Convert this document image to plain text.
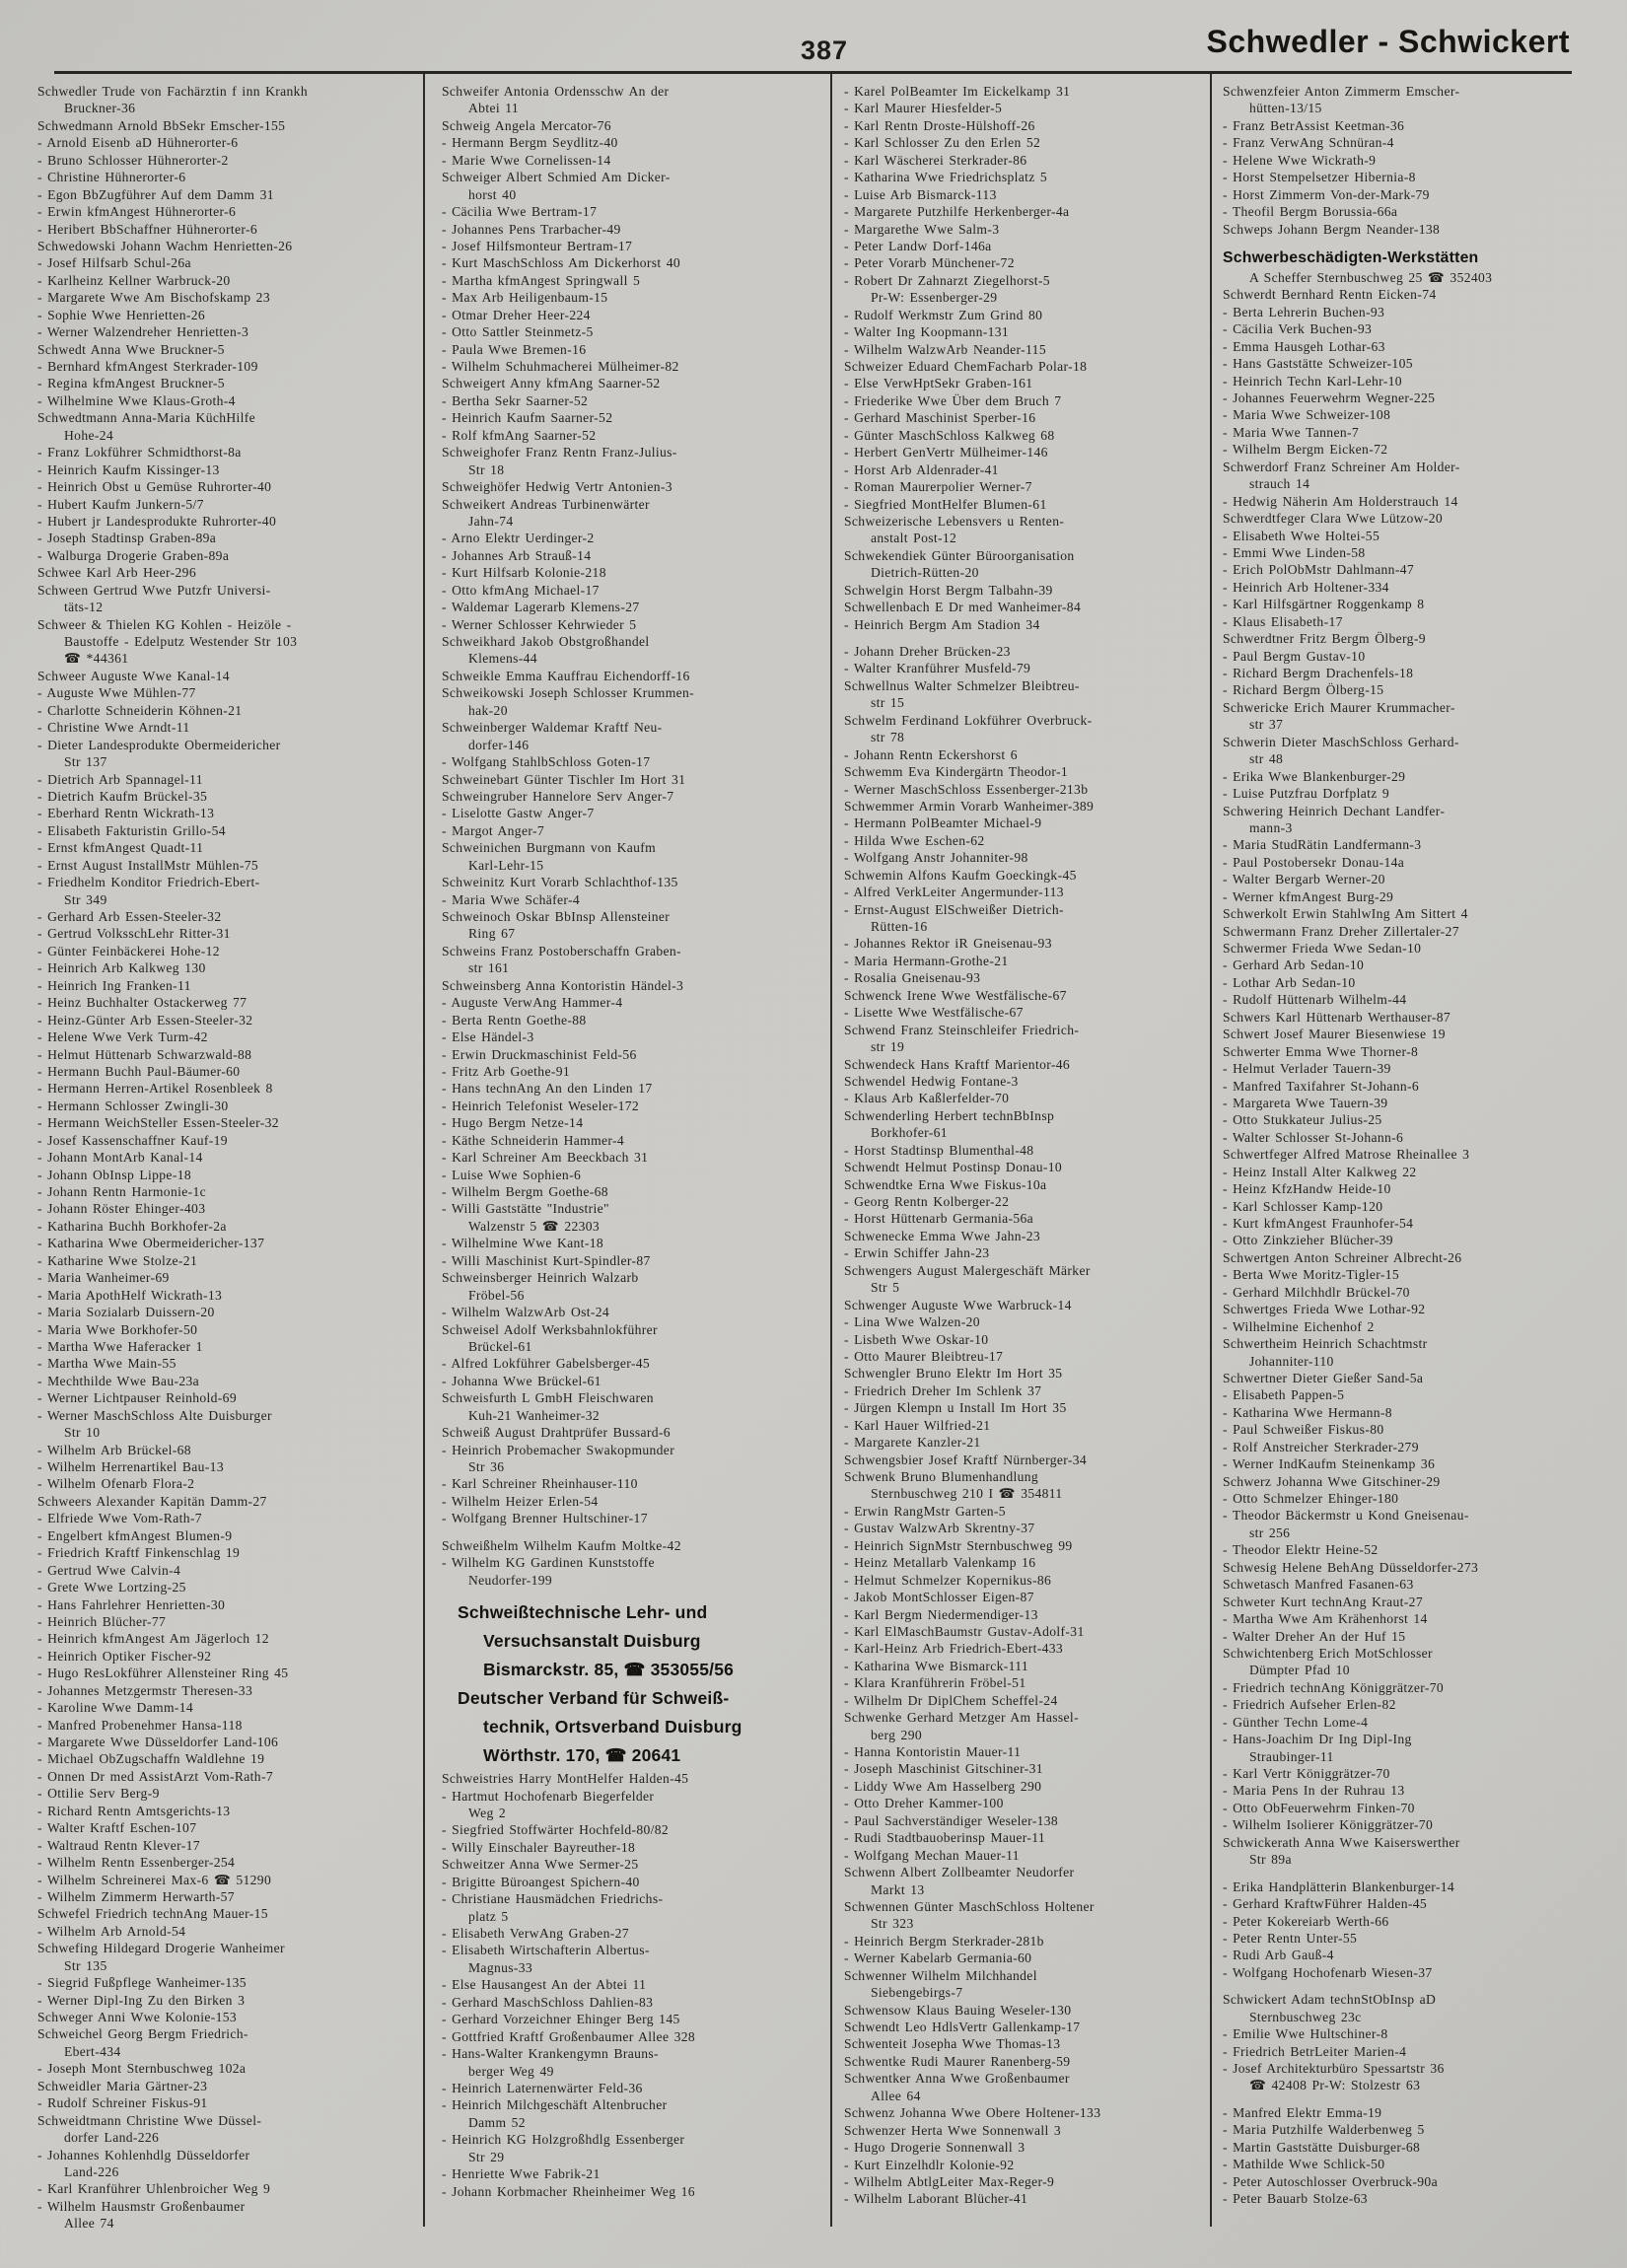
387	Schwedler - Schwickert
Schwedler Trude von Fachärztin f inn Krankh
Bruckner-36
Schwedmann Arnold BbSekr Emscher-155
- Arnold Eisenb aD Hühnerorter-6
- Bruno Schlosser Hühnerorter-2
- Christine Hühnerorter-6
- Egon BbZugführer Auf dem Damm 31
- Erwin kfmAngest Hühnerorter-6
- Heribert BbSchaffner Hühnerorter-6
Schwedowski Johann Wachm Henrietten-26
- Josef Hilfsarb Schul-26a
- Karlheinz Kellner Warbruck-20
- Margarete Wwe Am Bischofskamp 23
- Sophie Wwe Henrietten-26
- Werner Walzendreher Henrietten-3
Schwedt Anna Wwe Bruckner-5
- Bernhard kfmAngest Sterkrader-109
- Regina kfmAngest Bruckner-5
- Wilhelmine Wwe Klaus-Groth-4
Schwedtmann Anna-Maria KüchHilfe
Hohe-24
- Franz Lokführer Schmidthorst-8a
- Heinrich Kaufm Kissinger-13
- Heinrich Obst u Gemüse Ruhrorter-40
- Hubert Kaufm Junkern-5/7
- Hubert jr Landesprodukte Ruhrorter-40
- Joseph Stadtinsp Graben-89a
- Walburga Drogerie Graben-89a
Schwee Karl Arb Heer-296
Schween Gertrud Wwe Putzfr Universi-
täts-12
Schweer & Thielen KG Kohlen - Heizöle -
Baustoffe - Edelputz Westender Str 103
☎ *44361
Schweer Auguste Wwe Kanal-14
- Auguste Wwe Mühlen-77
- Charlotte Schneiderin Köhnen-21
- Christine Wwe Arndt-11
- Dieter Landesprodukte Obermeidericher
Str 137
- Dietrich Arb Spannagel-11
- Dietrich Kaufm Brückel-35
- Eberhard Rentn Wickrath-13
- Elisabeth Fakturistin Grillo-54
- Ernst kfmAngest Quadt-11
- Ernst August InstallMstr Mühlen-75
- Friedhelm Konditor Friedrich-Ebert-
Str 349
- Gerhard Arb Essen-Steeler-32
- Gertrud VolksschLehr Ritter-31
- Günter Feinbäckerei Hohe-12
- Heinrich Arb Kalkweg 130
- Heinrich Ing Franken-11
- Heinz Buchhalter Ostackerweg 77
- Heinz-Günter Arb Essen-Steeler-32
- Helene Wwe Verk Turm-42
- Helmut Hüttenarb Schwarzwald-88
- Hermann Buchh Paul-Bäumer-60
- Hermann Herren-Artikel Rosenbleek 8
- Hermann Schlosser Zwingli-30
- Hermann WeichSteller Essen-Steeler-32
- Josef Kassenschaffner Kauf-19
- Johann MontArb Kanal-14
- Johann ObInsp Lippe-18
- Johann Rentn Harmonie-1c
- Johann Röster Ehinger-403
- Katharina Buchh Borkhofer-2a
- Katharina Wwe Obermeidericher-137
- Katharine Wwe Stolze-21
- Maria Wanheimer-69
- Maria ApothHelf Wickrath-13
- Maria Sozialarb Duissern-20
- Maria Wwe Borkhofer-50
- Martha Wwe Haferacker 1
- Martha Wwe Main-55
- Mechthilde Wwe Bau-23a
- Werner Lichtpauser Reinhold-69
- Werner MaschSchloss Alte Duisburger
Str 10
- Wilhelm Arb Brückel-68
- Wilhelm Herrenartikel Bau-13
- Wilhelm Ofenarb Flora-2
Schweers Alexander Kapitän Damm-27
- Elfriede Wwe Vom-Rath-7
- Engelbert kfmAngest Blumen-9
- Friedrich Kraftf Finkenschlag 19
- Gertrud Wwe Calvin-4
- Grete Wwe Lortzing-25
- Hans Fahrlehrer Henrietten-30
- Heinrich Blücher-77
- Heinrich kfmAngest Am Jägerloch 12
- Heinrich Optiker Fischer-92
- Hugo ResLokführer Allensteiner Ring 45
- Johannes Metzgermstr Theresen-33
- Karoline Wwe Damm-14
- Manfred Probenehmer Hansa-118
- Margarete Wwe Düsseldorfer Land-106
- Michael ObZugschaffn Waldlehne 19
- Onnen Dr med AssistArzt Vom-Rath-7
- Ottilie Serv Berg-9
- Richard Rentn Amtsgerichts-13
- Walter Kraftf Eschen-107
- Waltraud Rentn Klever-17
- Wilhelm Rentn Essenberger-254
- Wilhelm Schreinerei Max-6 ☎ 51290
- Wilhelm Zimmerm Herwarth-57
Schwefel Friedrich technAng Mauer-15
- Wilhelm Arb Arnold-54
Schwefing Hildegard Drogerie Wanheimer
Str 135
- Siegrid Fußpflege Wanheimer-135
- Werner Dipl-Ing Zu den Birken 3
Schweger Anni Wwe Kolonie-153
Schweichel Georg Bergm Friedrich-
Ebert-434
- Joseph Mont Sternbuschweg 102a
Schweidler Maria Gärtner-23
- Rudolf Schreiner Fiskus-91
Schweidtmann Christine Wwe Düssel-
dorfer Land-226
- Johannes Kohlenhdlg Düsseldorfer
Land-226
- Karl Kranführer Uhlenbroicher Weg 9
- Wilhelm Hausmstr Großenbaumer
Allee 74
Schweifer Antonia Ordensschw An der
Abtei 11
Schweig Angela Mercator-76
- Hermann Bergm Seydlitz-40
- Marie Wwe Cornelissen-14
Schweiger Albert Schmied Am Dicker-
horst 40
- Cäcilia Wwe Bertram-17
- Johannes Pens Trarbacher-49
- Josef Hilfsmonteur Bertram-17
- Kurt MaschSchloss Am Dickerhorst 40
- Martha kfmAngest Springwall 5
- Max Arb Heiligenbaum-15
- Otmar Dreher Heer-224
- Otto Sattler Steinmetz-5
- Paula Wwe Bremen-16
- Wilhelm Schuhmacherei Mülheimer-82
Schweigert Anny kfmAng Saarner-52
- Bertha Sekr Saarner-52
- Heinrich Kaufm Saarner-52
- Rolf kfmAng Saarner-52
Schweighofer Franz Rentn Franz-Julius-
Str 18
Schweighöfer Hedwig Vertr Antonien-3
Schweikert Andreas Turbinenwärter
Jahn-74
- Arno Elektr Uerdinger-2
- Johannes Arb Strauß-14
- Kurt Hilfsarb Kolonie-218
- Otto kfmAng Michael-17
- Waldemar Lagerarb Klemens-27
- Werner Schlosser Kehrwieder 5
Schweikhard Jakob Obstgroßhandel
Klemens-44
Schweikle Emma Kauffrau Eichendorff-16
Schweikowski Joseph Schlosser Krummen-
hak-20
Schweinberger Waldemar Kraftf Neu-
dorfer-146
- Wolfgang StahlbSchloss Goten-17
Schweinebart Günter Tischler Im Hort 31
Schweingruber Hannelore Serv Anger-7
- Liselotte Gastw Anger-7
- Margot Anger-7
Schweinichen Burgmann von Kaufm
Karl-Lehr-15
Schweinitz Kurt Vorarb Schlachthof-135
- Maria Wwe Schäfer-4
Schweinoch Oskar BbInsp Allensteiner
Ring 67
Schweins Franz Postoberschaffn Graben-
str 161
Schweinsberg Anna Kontoristin Händel-3
- Auguste VerwAng Hammer-4
- Berta Rentn Goethe-88
- Else Händel-3
- Erwin Druckmaschinist Feld-56
- Fritz Arb Goethe-91
- Hans technAng An den Linden 17
- Heinrich Telefonist Weseler-172
- Hugo Bergm Netze-14
- Käthe Schneiderin Hammer-4
- Karl Schreiner Am Beeckbach 31
- Luise Wwe Sophien-6
- Wilhelm Bergm Goethe-68
- Willi Gaststätte "Industrie"
Walzenstr 5 ☎ 22303
- Wilhelmine Wwe Kant-18
- Willi Maschinist Kurt-Spindler-87
Schweinsberger Heinrich Walzarb
Fröbel-56
- Wilhelm WalzwArb Ost-24
Schweisel Adolf Werksbahnlokführer
Brückel-61
- Alfred Lokführer Gabelsberger-45
- Johanna Wwe Brückel-61
Schweisfurth L GmbH Fleischwaren
Kuh-21 Wanheimer-32
Schweiß August Drahtprüfer Bussard-6
- Heinrich Probemacher Swakopmunder
Str 36
- Karl Schreiner Rheinhauser-110
- Wilhelm Heizer Erlen-54
- Wolfgang Brenner Hultschiner-17
Schweißhelm Wilhelm Kaufm Moltke-42
- Wilhelm KG Gardinen Kunststoffe
Neudorfer-199
Schweißtechnische Lehr- und
Versuchsanstalt Duisburg
Bismarckstr. 85, ☎ 353055/56
Deutscher Verband für Schweiß-
technik, Ortsverband Duisburg
Wörthstr. 170, ☎ 20641
Schweistries Harry MontHelfer Halden-45
- Hartmut Hochofenarb Biegerfelder
Weg 2
- Siegfried Stoffwärter Hochfeld-80/82
- Willy Einschaler Bayreuther-18
Schweitzer Anna Wwe Sermer-25
- Brigitte Büroangest Spichern-40
- Christiane Hausmädchen Friedrichs-
platz 5
- Elisabeth VerwAng Graben-27
- Elisabeth Wirtschafterin Albertus-
Magnus-33
- Else Hausangest An der Abtei 11
- Gerhard MaschSchloss Dahlien-83
- Gerhard Vorzeichner Ehinger Berg 145
- Gottfried Kraftf Großenbaumer Allee 328
- Hans-Walter Krankengymn Brauns-
berger Weg 49
- Heinrich Laternenwärter Feld-36
- Heinrich Milchgeschäft Altenbrucher
Damm 52
- Heinrich KG Holzgroßhdlg Essenberger
Str 29
- Henriette Wwe Fabrik-21
- Johann Korbmacher Rheinheimer Weg 16
- Karel PolBeamter Im Eickelkamp 31
- Karl Maurer Hiesfelder-5
- Karl Rentn Droste-Hülshoff-26
- Karl Schlosser Zu den Erlen 52
- Karl Wäscherei Sterkrader-86
- Katharina Wwe Friedrichsplatz 5
- Luise Arb Bismarck-113
- Margarete Putzhilfe Herkenberger-4a
- Margarethe Wwe Salm-3
- Peter Landw Dorf-146a
- Peter Vorarb Münchener-72
- Robert Dr Zahnarzt Ziegelhorst-5
Pr-W: Essenberger-29
- Rudolf Werkmstr Zum Grind 80
- Walter Ing Koopmann-131
- Wilhelm WalzwArb Neander-115
Schweizer Eduard ChemFacharb Polar-18
- Else VerwHptSekr Graben-161
- Friederike Wwe Über dem Bruch 7
- Gerhard Maschinist Sperber-16
- Günter MaschSchloss Kalkweg 68
- Herbert GenVertr Mülheimer-146
- Horst Arb Aldenrader-41
- Roman Maurerpolier Werner-7
- Siegfried MontHelfer Blumen-61
Schweizerische Lebensvers u Renten-
anstalt Post-12
Schwekendiek Günter Büroorganisation
Dietrich-Rütten-20
Schwelgin Horst Bergm Talbahn-39
Schwellenbach E Dr med Wanheimer-84
- Heinrich Bergm Am Stadion 34
- Johann Dreher Brücken-23
- Walter Kranführer Musfeld-79
Schwellnus Walter Schmelzer Bleibtreu-
str 15
Schwelm Ferdinand Lokführer Overbruck-
str 78
- Johann Rentn Eckershorst 6
Schwemm Eva Kindergärtn Theodor-1
- Werner MaschSchloss Essenberger-213b
Schwemmer Armin Vorarb Wanheimer-389
- Hermann PolBeamter Michael-9
- Hilda Wwe Eschen-62
- Wolfgang Anstr Johanniter-98
Schwemin Alfons Kaufm Goeckingk-45
- Alfred VerkLeiter Angermunder-113
- Ernst-August ElSchweißer Dietrich-
Rütten-16
- Johannes Rektor iR Gneisenau-93
- Maria Hermann-Grothe-21
- Rosalia Gneisenau-93
Schwenck Irene Wwe Westfälische-67
- Lisette Wwe Westfälische-67
Schwend Franz Steinschleifer Friedrich-
str 19
Schwendeck Hans Kraftf Marientor-46
Schwendel Hedwig Fontane-3
- Klaus Arb Kaßlerfelder-70
Schwenderling Herbert technBbInsp
Borkhofer-61
- Horst Stadtinsp Blumenthal-48
Schwendt Helmut Postinsp Donau-10
Schwendtke Erna Wwe Fiskus-10a
- Georg Rentn Kolberger-22
- Horst Hüttenarb Germania-56a
Schwenecke Emma Wwe Jahn-23
- Erwin Schiffer Jahn-23
Schwengers August Malergeschäft Märker
Str 5
Schwenger Auguste Wwe Warbruck-14
- Lina Wwe Walzen-20
- Lisbeth Wwe Oskar-10
- Otto Maurer Bleibtreu-17
Schwengler Bruno Elektr Im Hort 35
- Friedrich Dreher Im Schlenk 37
- Jürgen Klempn u Install Im Hort 35
- Karl Hauer Wilfried-21
- Margarete Kanzler-21
Schwengsbier Josef Kraftf Nürnberger-34
Schwenk Bruno Blumenhandlung
Sternbuschweg 210 I ☎ 354811
- Erwin RangMstr Garten-5
- Gustav WalzwArb Skrentny-37
- Heinrich SignMstr Sternbuschweg 99
- Heinz Metallarb Valenkamp 16
- Helmut Schmelzer Kopernikus-86
- Jakob MontSchlosser Eigen-87
- Karl Bergm Niedermendiger-13
- Karl ElMaschBaumstr Gustav-Adolf-31
- Karl-Heinz Arb Friedrich-Ebert-433
- Katharina Wwe Bismarck-111
- Klara Kranführerin Fröbel-51
- Wilhelm Dr DiplChem Scheffel-24
Schwenke Gerhard Metzger Am Hassel-
berg 290
- Hanna Kontoristin Mauer-11
- Joseph Maschinist Gitschiner-31
- Liddy Wwe Am Hasselberg 290
- Otto Dreher Kammer-100
- Paul Sachverständiger Weseler-138
- Rudi Stadtbauoberinsp Mauer-11
- Wolfgang Mechan Mauer-11
Schwenn Albert Zollbeamter Neudorfer
Markt 13
Schwennen Günter MaschSchloss Holtener
Str 323
- Heinrich Bergm Sterkrader-281b
- Werner Kabelarb Germania-60
Schwenner Wilhelm Milchhandel
Siebengebirgs-7
Schwensow Klaus Bauing Weseler-130
Schwendt Leo HdlsVertr Gallenkamp-17
Schwenteit Josepha Wwe Thomas-13
Schwentke Rudi Maurer Ranenberg-59
Schwentker Anna Wwe Großenbaumer
Allee 64
Schwenz Johanna Wwe Obere Holtener-133
Schwenzer Herta Wwe Sonnenwall 3
- Hugo Drogerie Sonnenwall 3
- Kurt Einzelhdlr Kolonie-92
- Wilhelm AbtlgLeiter Max-Reger-9
- Wilhelm Laborant Blücher-41
Schwenzfeier Anton Zimmerm Emscher-
hütten-13/15
- Franz BetrAssist Keetman-36
- Franz VerwAng Schnüran-4
- Helene Wwe Wickrath-9
- Horst Stempelsetzer Hibernia-8
- Horst Zimmerm Von-der-Mark-79
- Theofil Bergm Borussia-66a
Schweps Johann Bergm Neander-138
Schwerbeschädigten-Werkstätten
A Scheffer Sternbuschweg 25 ☎ 352403
Schwerdt Bernhard Rentn Eicken-74
- Berta Lehrerin Buchen-93
- Cäcilia Verk Buchen-93
- Emma Hausgeh Lothar-63
- Hans Gaststätte Schweizer-105
- Heinrich Techn Karl-Lehr-10
- Johannes Feuerwehrm Wegner-225
- Maria Wwe Schweizer-108
- Maria Wwe Tannen-7
- Wilhelm Bergm Eicken-72
Schwerdorf Franz Schreiner Am Holder-
strauch 14
- Hedwig Näherin Am Holderstrauch 14
Schwerdtfeger Clara Wwe Lützow-20
- Elisabeth Wwe Holtei-55
- Emmi Wwe Linden-58
- Erich PolObMstr Dahlmann-47
- Heinrich Arb Holtener-334
- Karl Hilfsgärtner Roggenkamp 8
- Klaus Elisabeth-17
Schwerdtner Fritz Bergm Ölberg-9
- Paul Bergm Gustav-10
- Richard Bergm Drachenfels-18
- Richard Bergm Ölberg-15
Schwericke Erich Maurer Krummacher-
str 37
Schwerin Dieter MaschSchloss Gerhard-
str 48
- Erika Wwe Blankenburger-29
- Luise Putzfrau Dorfplatz 9
Schwering Heinrich Dechant Landfer-
mann-3
- Maria StudRätin Landfermann-3
- Paul Postobersekr Donau-14a
- Walter Bergarb Werner-20
- Werner kfmAngest Burg-29
Schwerkolt Erwin StahlwIng Am Sittert 4
Schwermann Franz Dreher Zillertaler-27
Schwermer Frieda Wwe Sedan-10
- Gerhard Arb Sedan-10
- Lothar Arb Sedan-10
- Rudolf Hüttenarb Wilhelm-44
Schwers Karl Hüttenarb Werthauser-87
Schwert Josef Maurer Biesenwiese 19
Schwerter Emma Wwe Thorner-8
- Helmut Verlader Tauern-39
- Manfred Taxifahrer St-Johann-6
- Margareta Wwe Tauern-39
- Otto Stukkateur Julius-25
- Walter Schlosser St-Johann-6
Schwertfeger Alfred Matrose Rheinallee 3
- Heinz Install Alter Kalkweg 22
- Heinz KfzHandw Heide-10
- Karl Schlosser Kamp-120
- Kurt kfmAngest Fraunhofer-54
- Otto Zinkzieher Blücher-39
Schwertgen Anton Schreiner Albrecht-26
- Berta Wwe Moritz-Tigler-15
- Gerhard Milchhdlr Brückel-70
Schwertges Frieda Wwe Lothar-92
- Wilhelmine Eichenhof 2
Schwertheim Heinrich Schachtmstr
Johanniter-110
Schwertner Dieter Gießer Sand-5a
- Elisabeth Pappen-5
- Katharina Wwe Hermann-8
- Paul Schweißer Fiskus-80
- Rolf Anstreicher Sterkrader-279
- Werner IndKaufm Steinenkamp 36
Schwerz Johanna Wwe Gitschiner-29
- Otto Schmelzer Ehinger-180
- Theodor Bäckermstr u Kond Gneisenau-
str 256
- Theodor Elektr Heine-52
Schwesig Helene BehAng Düsseldorfer-273
Schwetasch Manfred Fasanen-63
Schweter Kurt technAng Kraut-27
- Martha Wwe Am Krähenhorst 14
- Walter Dreher An der Huf 15
Schwichtenberg Erich MotSchlosser
Dümpter Pfad 10
- Friedrich technAng Königgrätzer-70
- Friedrich Aufseher Erlen-82
- Günther Techn Lome-4
- Hans-Joachim Dr Ing Dipl-Ing
Straubinger-11
- Karl Vertr Königgrätzer-70
- Maria Pens In der Ruhrau 13
- Otto ObFeuerwehrm Finken-70
- Wilhelm Isolierer Königgrätzer-70
Schwickerath Anna Wwe Kaiserswerther
Str 89a
- Erika Handplätterin Blankenburger-14
- Gerhard KraftwFührer Halden-45
- Peter Kokereiarb Werth-66
- Peter Rentn Unter-55
- Rudi Arb Gauß-4
- Wolfgang Hochofenarb Wiesen-37
Schwickert Adam technStObInsp aD
Sternbuschweg 23c
- Emilie Wwe Hultschiner-8
- Friedrich BetrLeiter Marien-4
- Josef Architekturbüro Spessartstr 36
☎ 42408 Pr-W: Stolzestr 63
- Manfred Elektr Emma-19
- Maria Putzhilfe Walderbenweg 5
- Martin Gaststätte Duisburger-68
- Mathilde Wwe Schlick-50
- Peter Autoschlosser Overbruck-90a
- Peter Bauarb Stolze-63
